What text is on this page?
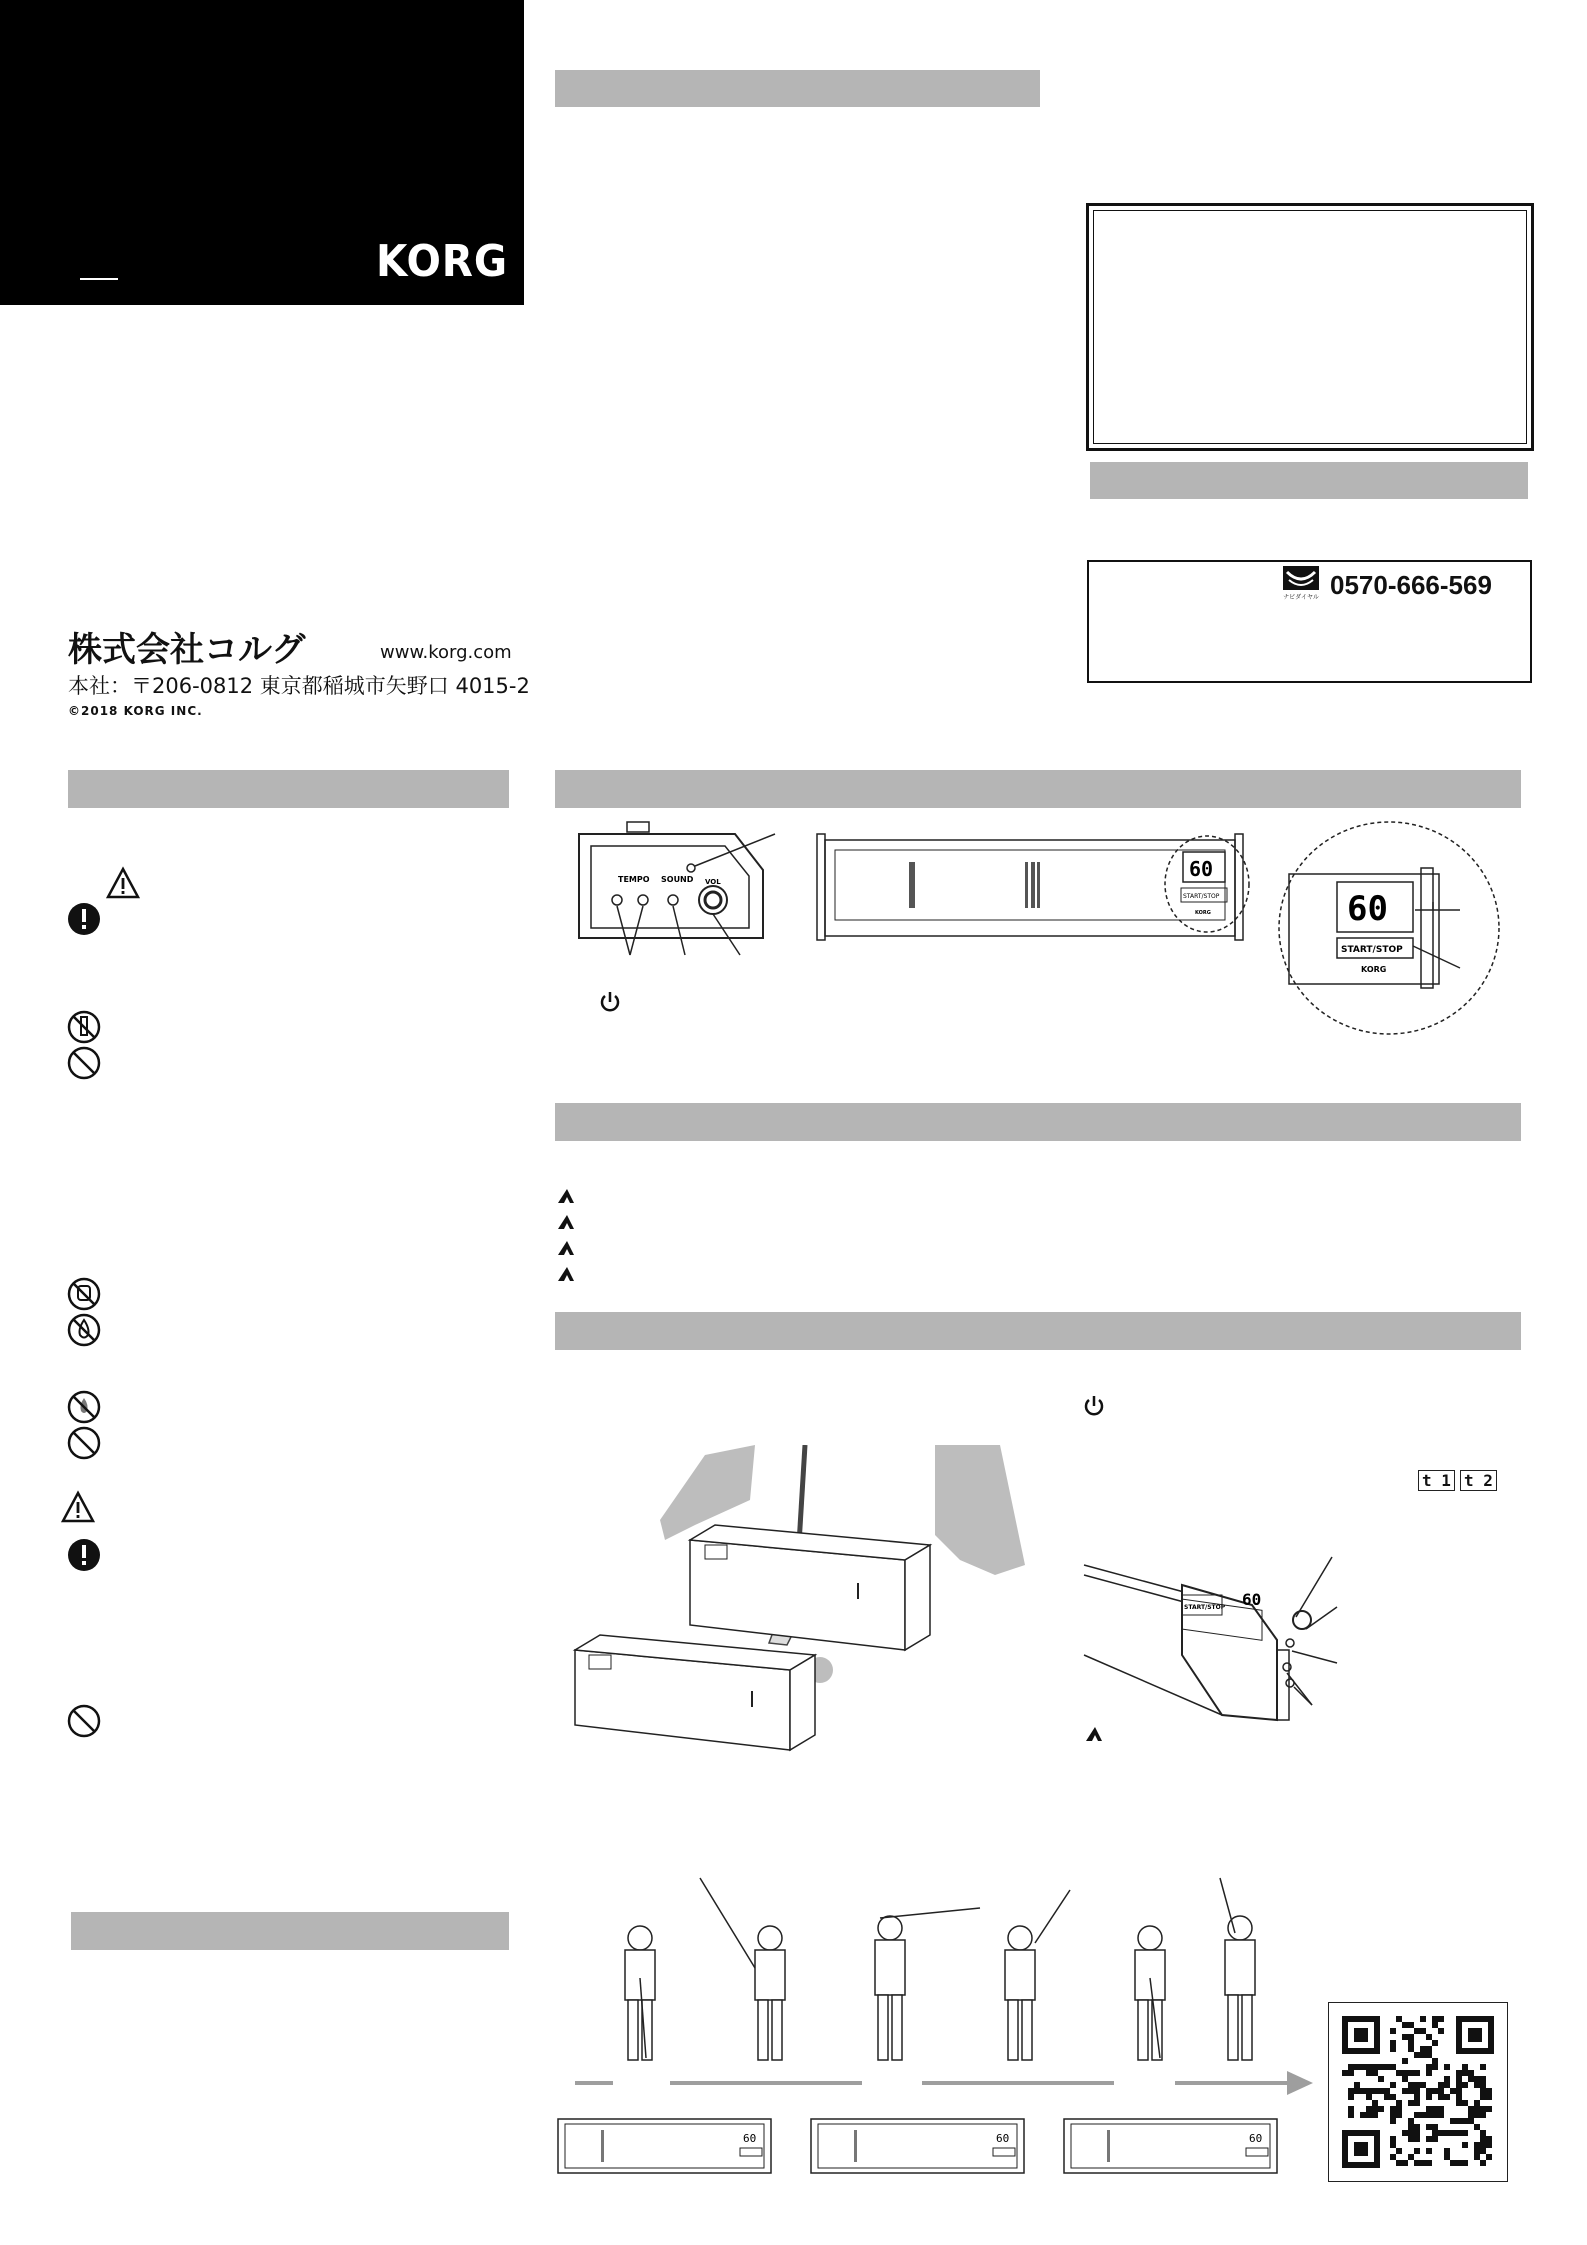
KORG
ナビダイヤル 0570-666-569
株式会社コルグ	www.korg.com
本社：〒206-0812 東京都稲城市矢野口 4015-2
©2018 KORG INC.
TEMPO SOUND VOL
60
START/STOP
KORG	60
START/STOP
KORG
t 1 t 2
START/STOP 60
60	60	60
